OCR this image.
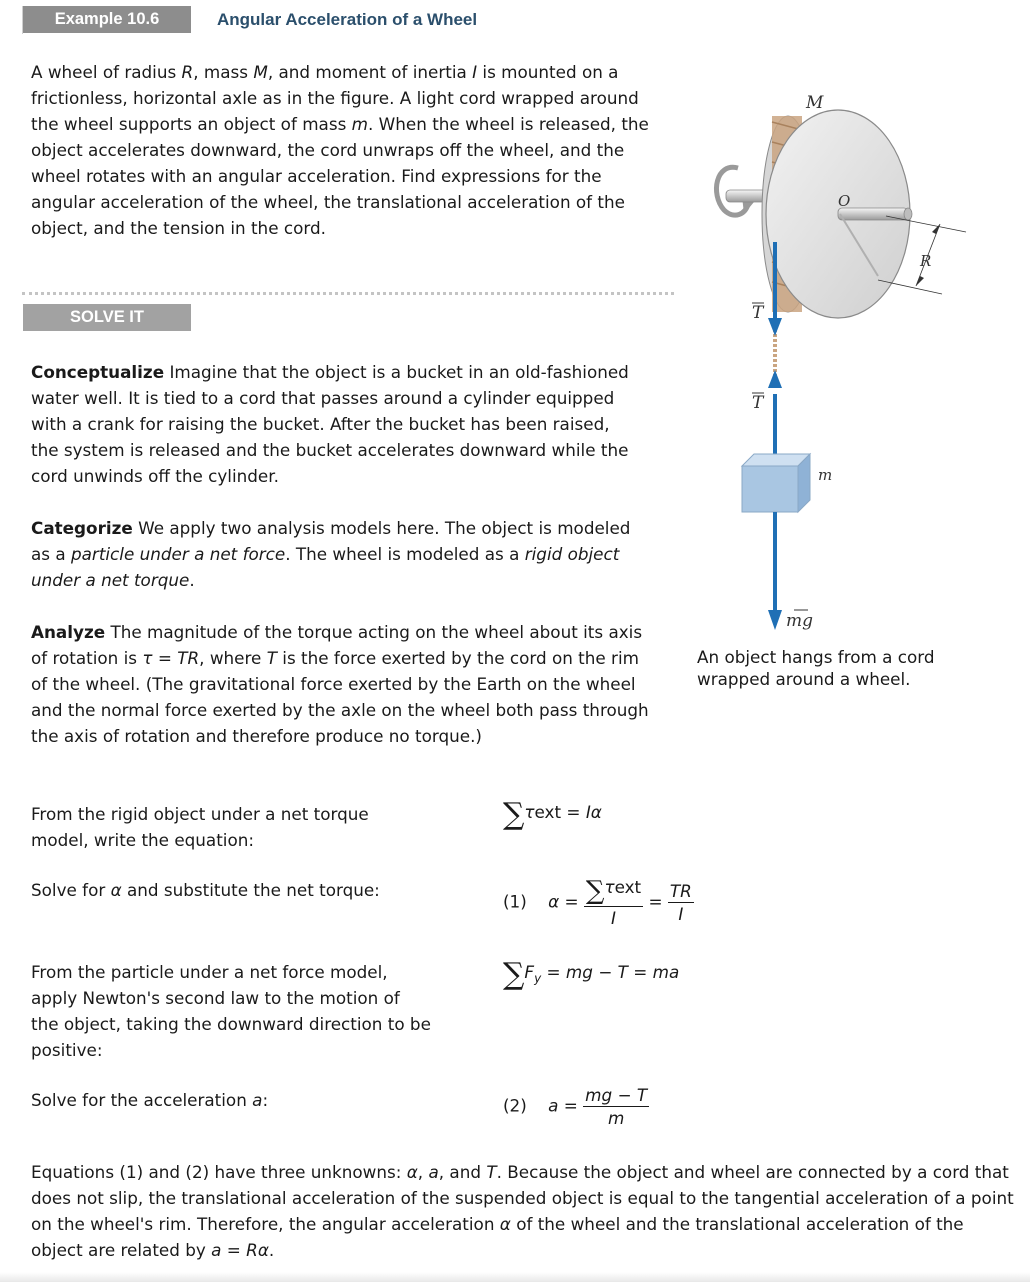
Example 10.6	Angular Acceleration of a Wheel
A wheel of radius R, mass M, and moment of inertia I is mounted on a frictionless, horizontal axle as in the figure. A light cord wrapped around the wheel supports an object of mass m. When the wheel is released, the object accelerates downward, the cord unwraps off the wheel, and the wheel rotates with an angular acceleration. Find expressions for the angular acceleration of the wheel, the translational acceleration of the object, and the tension in the cord.
SOLVE IT
Conceptualize Imagine that the object is a bucket in an old-fashioned water well. It is tied to a cord that passes around a cylinder equipped with a crank for raising the bucket. After the bucket has been raised, the system is released and the bucket accelerates downward while the cord unwinds off the cylinder.
Categorize We apply two analysis models here. The object is modeled as a particle under a net force. The wheel is modeled as a rigid object under a net torque.
Analyze The magnitude of the torque acting on the wheel about its axis of rotation is τ = TR, where T is the force exerted by the cord on the rim of the wheel. (The gravitational force exerted by the Earth on the wheel and the normal force exerted by the axle on the wheel both pass through the axis of rotation and therefore produce no torque.)
From the rigid object under a net torque model, write the equation:
∑τext = Iα
Solve for α and substitute the net torque:
(1) $\alpha = \frac{\text{∑τext}}{I} = \frac{TR}{I}$
From the particle under a net force model, apply Newton's second law to the motion of the object, taking the downward direction to be positive:
$\sum F_y$ = mg − T = ma
Solve for the acceleration a:	(2) $a = \frac{mg - T}{m}$
Equations (1) and (2) have three unknowns: α, a, and T. Because the object and wheel are connected by a cord that does not slip, the translational acceleration of the suspended object is equal to the tangential acceleration of a point on the wheel's rim. Therefore, the angular acceleration α of the wheel and the translational acceleration of the object are related by a = Rα.
M
O
R
T
T
m
mg
An object hangs from a cord wrapped around a wheel.
